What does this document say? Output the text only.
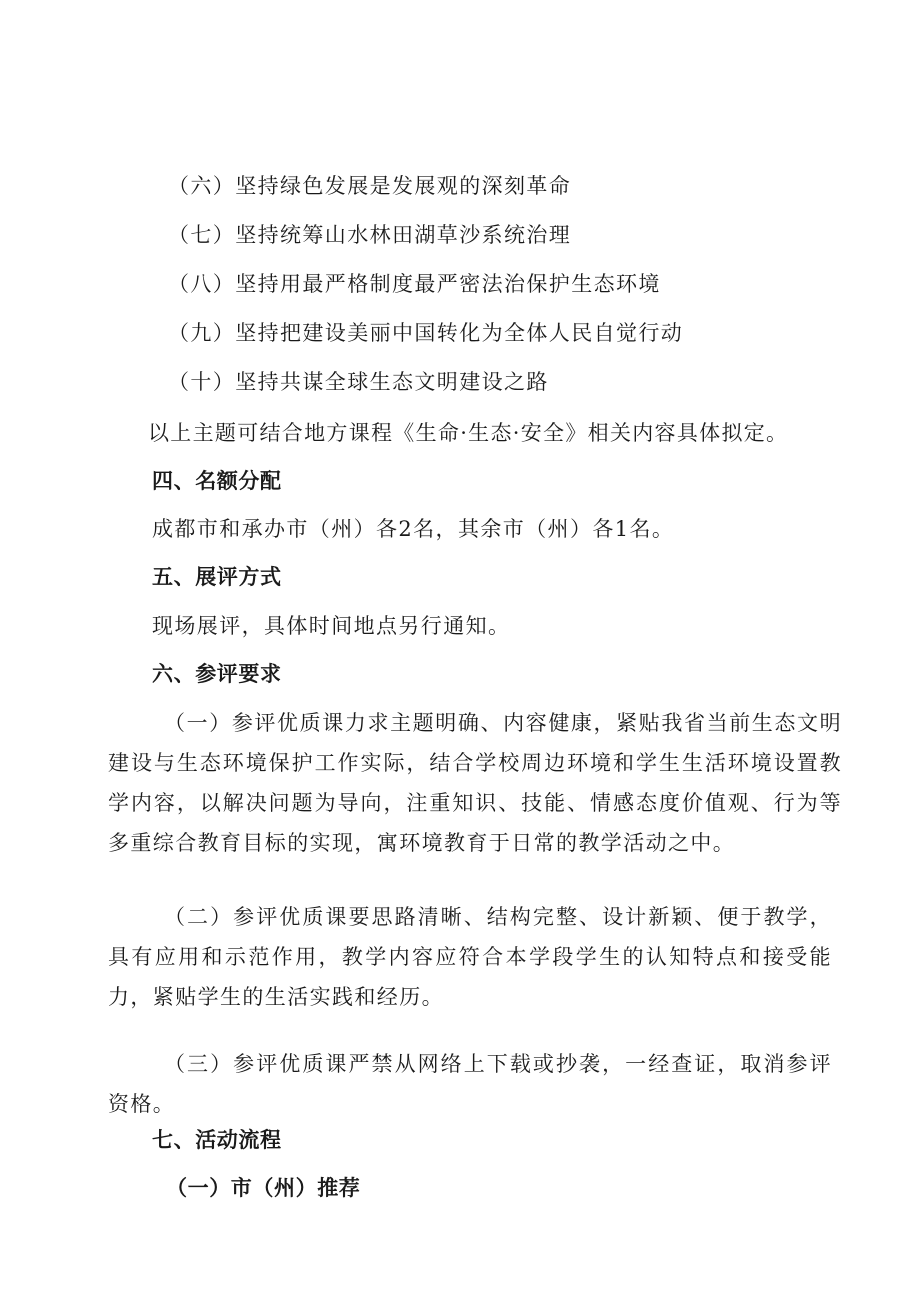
（六）坚持绿色发展是发展观的深刻革命
（七）坚持统筹山水林田湖草沙系统治理
（八）坚持用最严格制度最严密法治保护生态环境
（九）坚持把建设美丽中国转化为全体人民自觉行动
（十）坚持共谋全球生态文明建设之路
以上主题可结合地方课程《生命·生态·安全》相关内容具体拟定。
四、名额分配
成都市和承办市（州）各2名，其余市（州）各1名。
五、展评方式
现场展评，具体时间地点另行通知。
六、参评要求
（一）参评优质课力求主题明确、内容健康，紧贴我省当前生态文明建设与生态环境保护工作实际，结合学校周边环境和学生生活环境设置教学内容，以解决问题为导向，注重知识、技能、情感态度价值观、行为等多重综合教育目标的实现，寓环境教育于日常的教学活动之中。
（二）参评优质课要思路清晰、结构完整、设计新颖、便于教学，具有应用和示范作用，教学内容应符合本学段学生的认知特点和接受能力，紧贴学生的生活实践和经历。
（三）参评优质课严禁从网络上下载或抄袭，一经查证，取消参评资格。
七、活动流程
（一）市（州）推荐
